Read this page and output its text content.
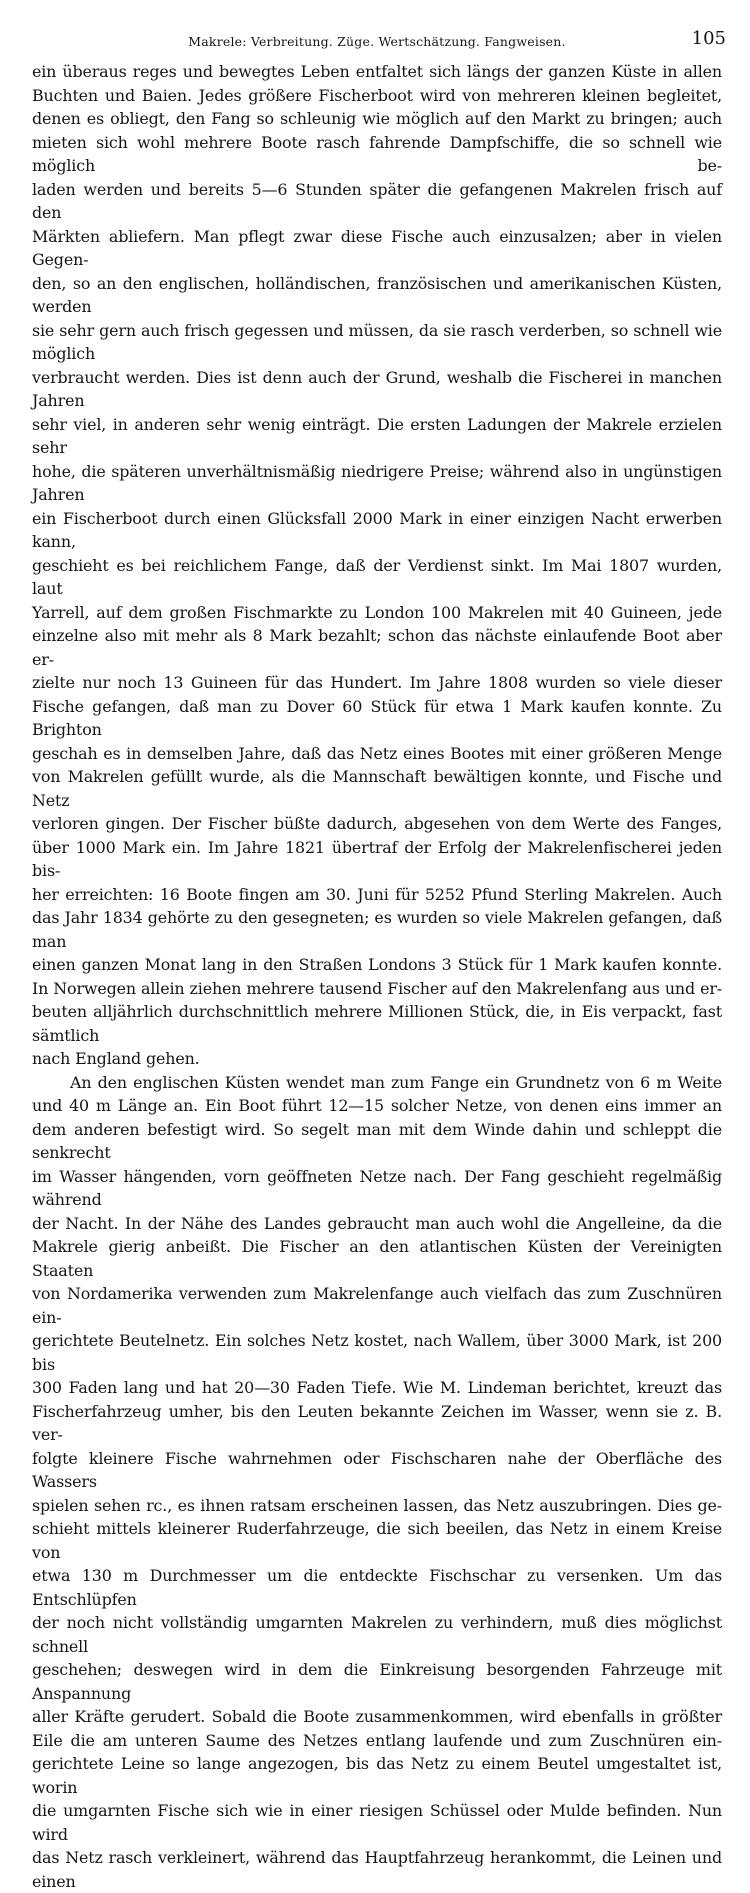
Makrele: Verbreitung. Züge. Wertschätzung. Fangweisen.	105

ein überaus reges und bewegtes Leben entfaltet sich längs der ganzen Küste in allen

Buchten und Baien. Jedes größere Fischerboot wird von mehreren kleinen begleitet,

denen es obliegt, den Fang so schleunig wie möglich auf den Markt zu bringen; auch

mieten sich wohl mehrere Boote rasch fahrende Dampfschiffe, die so schnell wie möglich be-

laden werden und bereits 5—6 Stunden später die gefangenen Makrelen frisch auf den

Märkten abliefern. Man pflegt zwar diese Fische auch einzusalzen; aber in vielen Gegen-

den, so an den englischen, holländischen, französischen und amerikanischen Küsten, werden

sie sehr gern auch frisch gegessen und müssen, da sie rasch verderben, so schnell wie möglich

verbraucht werden. Dies ist denn auch der Grund, weshalb die Fischerei in manchen Jahren

sehr viel, in anderen sehr wenig einträgt. Die ersten Ladungen der Makrele erzielen sehr

hohe, die späteren unverhältnismäßig niedrigere Preise; während also in ungünstigen Jahren

ein Fischerboot durch einen Glücksfall 2000 Mark in einer einzigen Nacht erwerben kann,

geschieht es bei reichlichem Fange, daß der Verdienst sinkt. Im Mai 1807 wurden, laut

Yarrell, auf dem großen Fischmarkte zu London 100 Makrelen mit 40 Guineen, jede

einzelne also mit mehr als 8 Mark bezahlt; schon das nächste einlaufende Boot aber er-

zielte nur noch 13 Guineen für das Hundert. Im Jahre 1808 wurden so viele dieser

Fische gefangen, daß man zu Dover 60 Stück für etwa 1 Mark kaufen konnte. Zu Brighton

geschah es in demselben Jahre, daß das Netz eines Bootes mit einer größeren Menge

von Makrelen gefüllt wurde, als die Mannschaft bewältigen konnte, und Fische und Netz

verloren gingen. Der Fischer büßte dadurch, abgesehen von dem Werte des Fanges,

über 1000 Mark ein. Im Jahre 1821 übertraf der Erfolg der Makrelenfischerei jeden bis-

her erreichten: 16 Boote fingen am 30. Juni für 5252 Pfund Sterling Makrelen. Auch

das Jahr 1834 gehörte zu den gesegneten; es wurden so viele Makrelen gefangen, daß man

einen ganzen Monat lang in den Straßen Londons 3 Stück für 1 Mark kaufen konnte.

In Norwegen allein ziehen mehrere tausend Fischer auf den Makrelenfang aus und er-

beuten alljährlich durchschnittlich mehrere Millionen Stück, die, in Eis verpackt, fast sämtlich

nach England gehen.

An den englischen Küsten wendet man zum Fange ein Grundnetz von 6 m Weite

und 40 m Länge an. Ein Boot führt 12—15 solcher Netze, von denen eins immer an

dem anderen befestigt wird. So segelt man mit dem Winde dahin und schleppt die senkrecht

im Wasser hängenden, vorn geöffneten Netze nach. Der Fang geschieht regelmäßig während

der Nacht. In der Nähe des Landes gebraucht man auch wohl die Angelleine, da die

Makrele gierig anbeißt. Die Fischer an den atlantischen Küsten der Vereinigten Staaten

von Nordamerika verwenden zum Makrelenfange auch vielfach das zum Zuschnüren ein-

gerichtete Beutelnetz. Ein solches Netz kostet, nach Wallem, über 3000 Mark, ist 200 bis

300 Faden lang und hat 20—30 Faden Tiefe. Wie M. Lindeman berichtet, kreuzt das

Fischerfahrzeug umher, bis den Leuten bekannte Zeichen im Wasser, wenn sie z. B. ver-

folgte kleinere Fische wahrnehmen oder Fischscharen nahe der Oberfläche des Wassers

spielen sehen rc., es ihnen ratsam erscheinen lassen, das Netz auszubringen. Dies ge-

schieht mittels kleinerer Ruderfahrzeuge, die sich beeilen, das Netz in einem Kreise von

etwa 130 m Durchmesser um die entdeckte Fischschar zu versenken. Um das Entschlüpfen

der noch nicht vollständig umgarnten Makrelen zu verhindern, muß dies möglichst schnell

geschehen; deswegen wird in dem die Einkreisung besorgenden Fahrzeuge mit Anspannung

aller Kräfte gerudert. Sobald die Boote zusammenkommen, wird ebenfalls in größter

Eile die am unteren Saume des Netzes entlang laufende und zum Zuschnüren ein-

gerichtete Leine so lange angezogen, bis das Netz zu einem Beutel umgestaltet ist, worin

die umgarnten Fische sich wie in einer riesigen Schüssel oder Mulde befinden. Nun wird

das Netz rasch verkleinert, während das Hauptfahrzeug herankommt, die Leinen und einen
